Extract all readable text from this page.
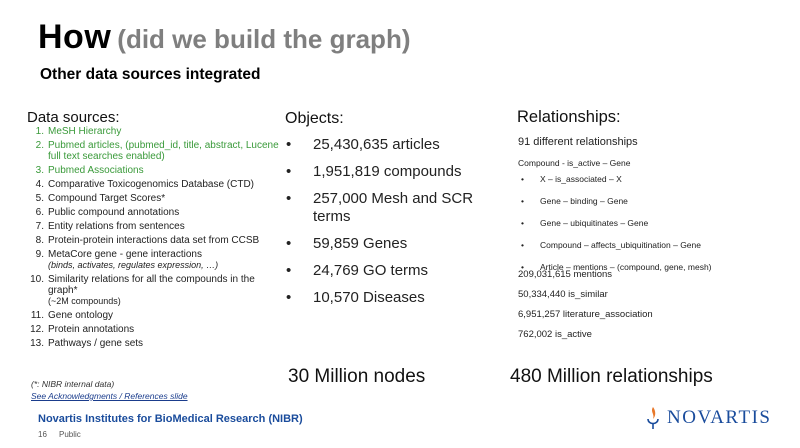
How (did we build the graph)
Other data sources integrated
Data sources:
1. MeSH Hierarchy
2. Pubmed articles, (pubmed_id, title, abstract, Lucene full text searches enabled)
3. Pubmed Associations
4. Comparative Toxicogenomics Database (CTD)
5. Compound Target Scores*
6. Public compound annotations
7. Entity relations from sentences
8. Protein-protein interactions data set from CCSB
9. MetaCore gene - gene interactions
(binds, activates, regulates expression, …)
10. Similarity relations for all the compounds in the graph*
(~2M compounds)
11. Gene ontology
12. Protein annotations
13. Pathways / gene sets
(*: NIBR internal data)
See Acknowledgments / References slide
Objects:
• 25,430,635 articles
• 1,951,819 compounds
• 257,000 Mesh and SCR terms
• 59,859 Genes
• 24,769 GO terms
• 10,570 Diseases
30 Million nodes
Relationships:
91 different relationships
Compound - is_active – Gene
• X – is_associated – X
• Gene – binding – Gene
• Gene – ubiquitinates – Gene
• Compound – affects_ubiquitination – Gene
• Article – mentions – (compound, gene, mesh)
209,031,615 mentions
50,334,440 is_similar
6,951,257 literature_association
762,002 is_active
480 Million relationships
Novartis Institutes for BioMedical Research (NIBR)
16 Public
NOVARTIS
